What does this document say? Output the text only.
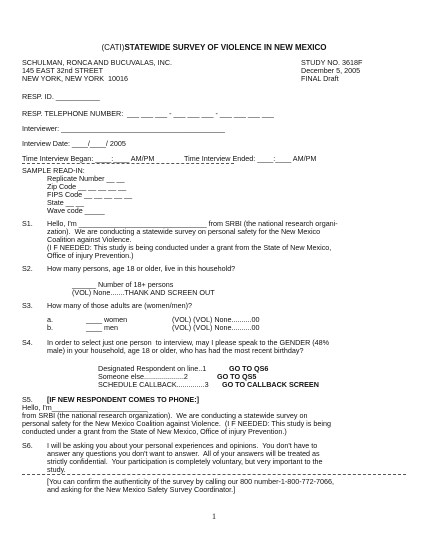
(CATI)STATEWIDE SURVEY OF VIOLENCE IN NEW MEXICO
SCHULMAN, RONCA AND BUCUVALAS, INC.
145 EAST 32nd STREET
NEW YORK, NEW YORK  10016
STUDY NO. 3618F
December 5, 2005
FINAL Draft
RESP. ID. ___________
RESP. TELEPHONE NUMBER:  ___ ___ ___ - ___ ___ ___ - ___ ___ ___ ___
Interviewer: _________________________________________
Interview Date: ____/____/ 2005
Time Interview Began: ____:____ AM/PM	Time Interview Ended: ____:____ AM/PM
SAMPLE READ-IN:
Replicate Number __ __
Zip Code __ __ __ __ __
FIPS Code __ __ __ __ __
State __ __
Wave code _____
S1. Hello, I'm ________________________________ from SRBI (the national research organi-
zation).  We are conducting a statewide survey on personal safety for the New Mexico
Coalition against Violence.
(I F NEEDED: This study is being conducted under a grant from the State of New Mexico,
Office of injury Prevention.)
S2. How many persons, age 18 or older, live in this household?
______ Number of 18+ persons
(VOL) None.......THANK AND SCREEN OUT
S3. How many of those adults are (women/men)?
a.	____ women	(VOL) (VOL) None..........00
b.	____ men	(VOL) (VOL) None..........00
S4. In order to select just one person  to interview, may I please speak to the GENDER (48%
male) in your household, age 18 or older, who has had the most recent birthday?
Designated Respondent on line..1	GO TO QS6
Someone else....................2	GO TO QS5
SCHEDULE CALLBACK..............3 GO TO CALLBACK SCREEN
S5. [IF NEW RESPONDENT COMES TO PHONE:]
Hello, I'm________________________
from SRBI (the national research organization).  We are conducting a statewide survey on
personal safety for the New Mexico Coalition against Violence.  (I F NEEDED: This study is being
conducted under a grant from the State of New Mexico, Office of injury Prevention.)
S6. I will be asking you about your personal experiences and opinions.  You don't have to
answer any questions you don't want to answer.  All of your answers will be treated as
strictly confidential.  Your participation is completely voluntary, but very important to the
study.
[You can confirm the authenticity of the survey by calling our 800 number-1-800-772-7066,
and asking for the New Mexico Safety Survey Coordinator.]
1
